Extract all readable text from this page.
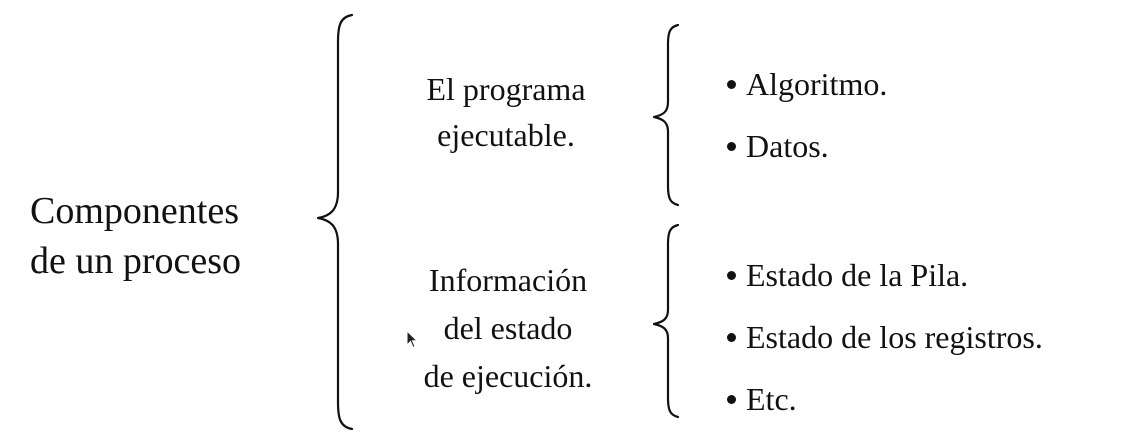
Componentes
de un proceso
El programa
ejecutable.
Algoritmo.
Datos.
Información
del estado
de ejecución.
Estado de la Pila.
Estado de los registros.
Etc.
